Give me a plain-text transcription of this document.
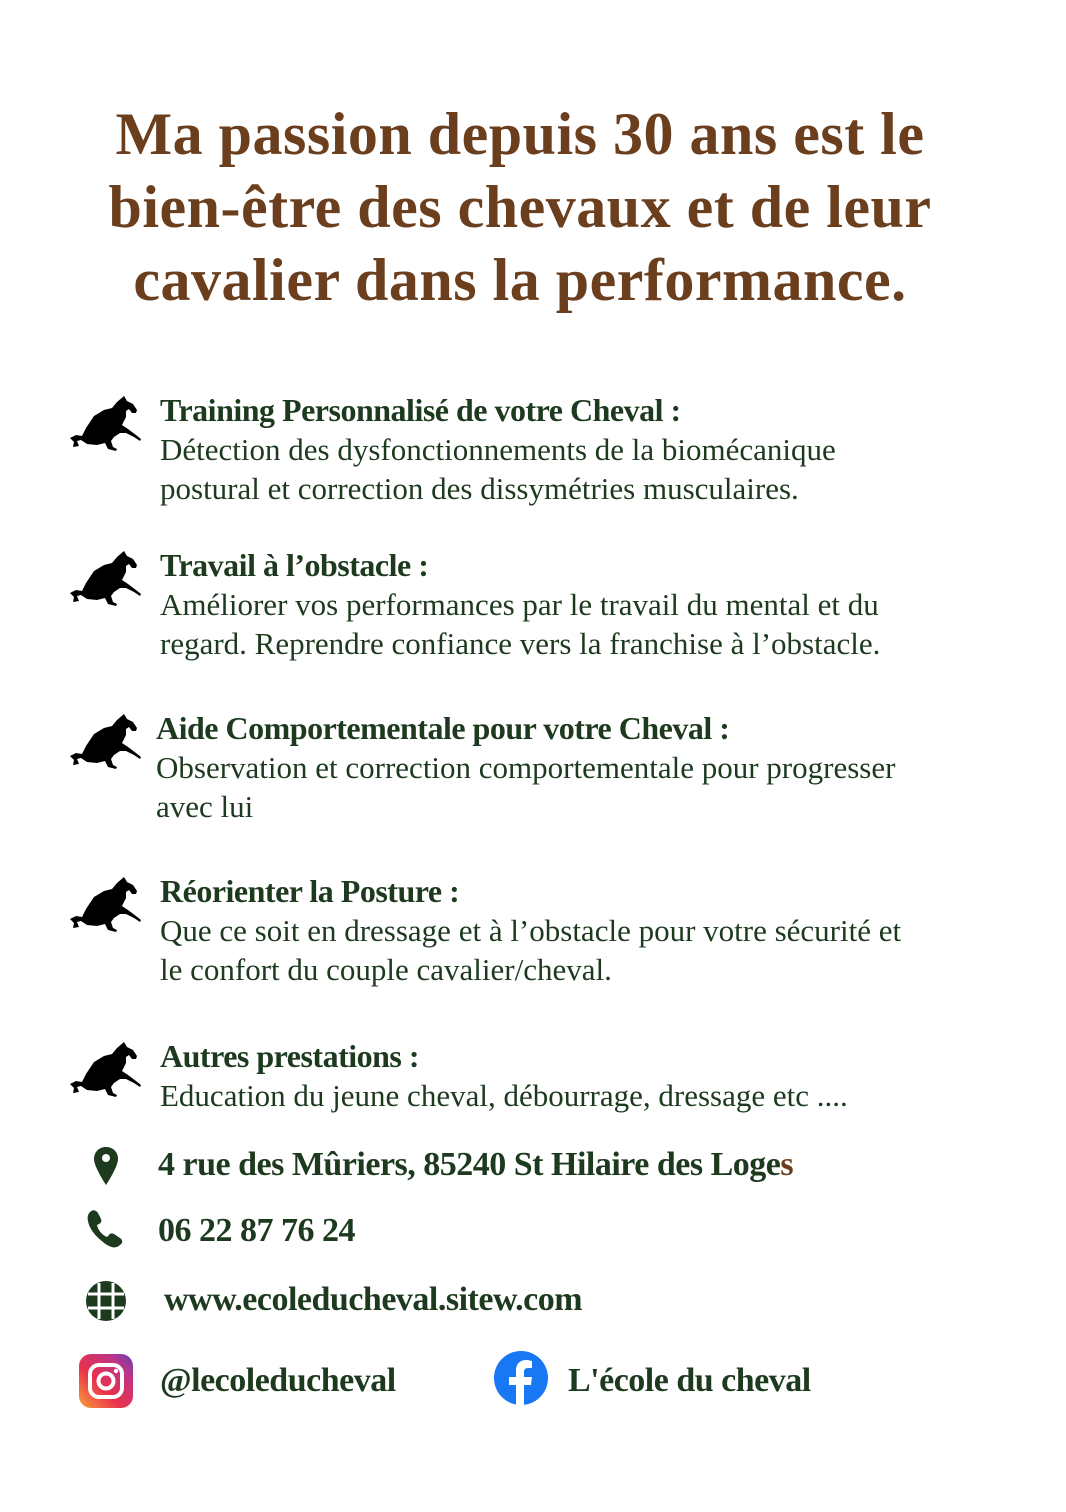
Ma passion depuis 30 ans est le
bien-être des chevaux et de leur
cavalier dans la performance.
Training Personnalisé de votre Cheval :
Détection des dysfonctionnements de la biomécanique
postural et correction des dissymétries musculaires.
Travail à l’obstacle :
Améliorer vos performances par le travail du mental et du
regard. Reprendre confiance vers la franchise à l’obstacle.
Aide Comportementale pour votre Cheval :
Observation et correction comportementale pour progresser
avec lui
Réorienter la Posture :
Que ce soit en dressage et à l’obstacle pour votre sécurité et
le confort du couple cavalier/cheval.
Autres prestations :
Education du jeune cheval, débourrage, dressage etc ....
4 rue des Mûriers, 85240 St Hilaire des Loges
06 22 87 76 24
www.ecoleducheval.sitew.com
@lecoleducheval	L'école du cheval
